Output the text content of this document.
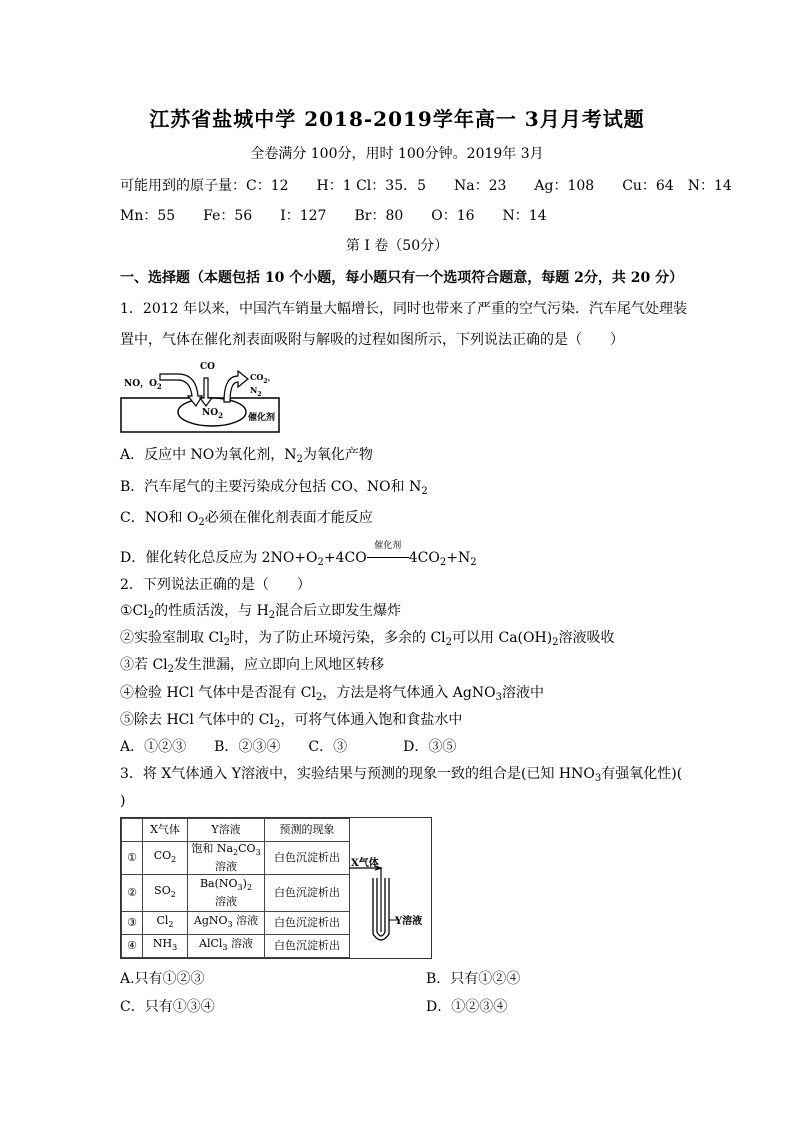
江苏省盐城中学 2018-2019学年高一 3月月考试题
全卷满分 100分，用时 100分钟。2019年 3月
可能用到的原子量：C：12　　H：1 Cl：35．5　　Na：23　　Ag：108　　Cu：64　N：14
Mn：55　　Fe：56　　I：127　　Br：80　　O：16　　N：14
第 I 卷（50分）
一、选择题（本题包括 10 个小题，每小题只有一个选项符合题意，每题 2分，共 20 分）
1．2012 年以来，中国汽车销量大幅增长，同时也带来了严重的空气污染．汽车尾气处理装
置中，气体在催化剂表面吸附与解吸的过程如图所示，下列说法正确的是（　　）
NO，$O_2$
CO
$CO_2$，$N_2$
$NO_2$	催化剂
A．反应中 NO为氧化剂，$N_2$为氧化产物
B．汽车尾气的主要污染成分包括 CO、NO和 $N_2$
C．NO和 $O_2$必须在催化剂表面才能反应
D．催化转化总反应为 $2NO+O_2+4CO$
催化剂
$4CO_2+N_2$
2．下列说法正确的是（　　）
$①Cl_2$的性质活泼，与 $H_2$混合后立即发生爆炸
②实验室制取 $Cl_2$时，为了防止环境污染，多余的 $Cl_2$可以用 $Ca(OH)_2$溶液吸收
③若 $Cl_2$发生泄漏，应立即向上风地区转移
④检验 HCl 气体中是否混有 $Cl_2$，方法是将气体通入 AgNO$_3$溶液中
⑤除去 HCl 气体中的 $Cl_2$，可将气体通入饱和食盐水中
A．①②③　　B．②③④　　C．③　　　　D．③⑤
3．将 X气体通入 Y溶液中，实验结果与预测的现象一致的组合是(已知 $HNO_3$有强氧化性)(
)
	X气体	Y溶液	预测的现象
①	$CO_2$	饱和 $Na_2CO_3$
溶液	白色沉淀析出
②	$SO_2$	$Ba(NO_3)_2$
溶液	白色沉淀析出
③	$Cl_2$	AgNO$_3$ 溶液	白色沉淀析出
④	$NH_3$	AlCl$_3$ 溶液	白色沉淀析出
X气体
Y溶液
A.只有①②③	B．只有①②④
C．只有①③④	D．①②③④
